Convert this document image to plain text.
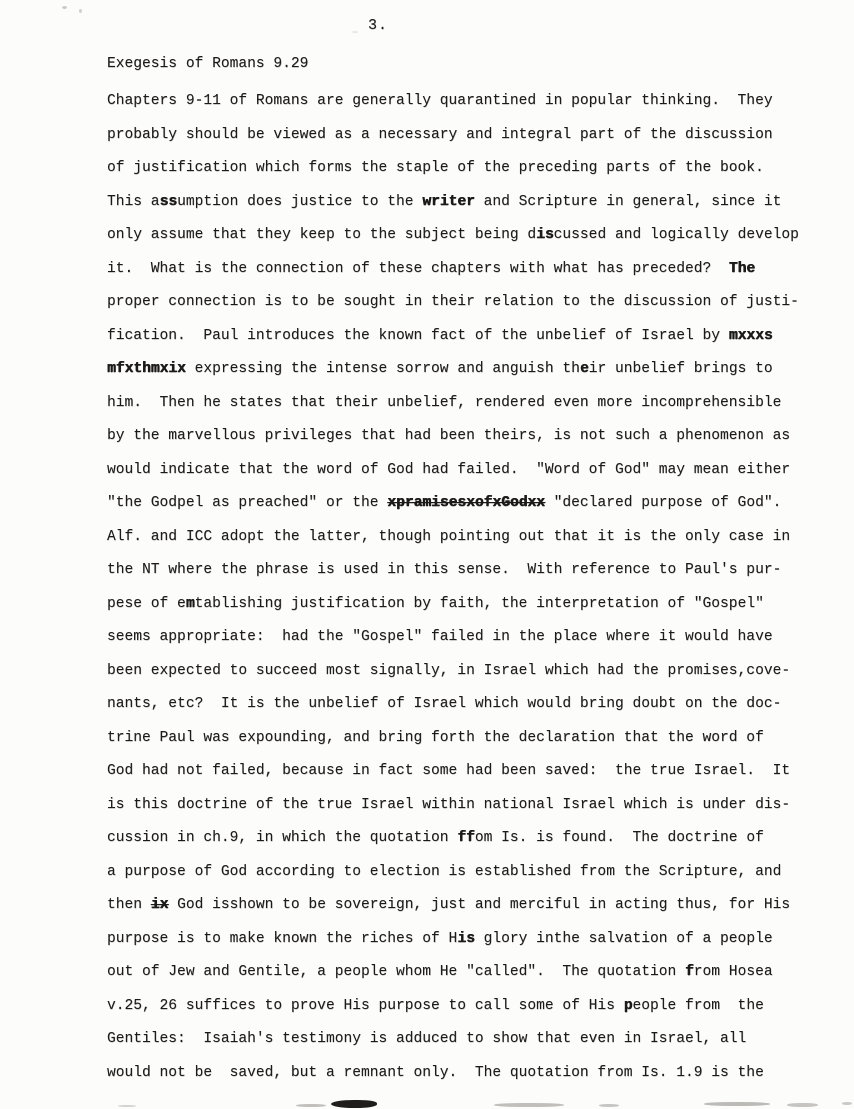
3.
Exegesis of Romans 9.29
Chapters 9-11 of Romans are generally quarantined in popular thinking.  They
probably should be viewed as a necessary and integral part of the discussion
of justification which forms the staple of the preceding parts of the book.
This assumption does justice to the writer and Scripture in general, since it
only assume that they keep to the subject being discussed and logically develop
it.  What is the connection of these chapters with what has preceded?  The
proper connection is to be sought in their relation to the discussion of justi-
fication.  Paul introduces the known fact of the unbelief of Israel by mxxxs
mfxthmxix expressing the intense sorrow and anguish their unbelief brings to
him.  Then he states that their unbelief, rendered even more incomprehensible
by the marvellous privileges that had been theirs, is not such a phenomenon as
would indicate that the word of God had failed.  "Word of God" may mean either
"the Godpel as preached" or the xpramisesxofxGodxx "declared purpose of God".
Alf. and ICC adopt the latter, though pointing out that it is the only case in
the NT where the phrase is used in this sense.  With reference to Paul's pur-
pese of emtablishing justification by faith, the interpretation of "Gospel"
seems appropriate:  had the "Gospel" failed in the place where it would have
been expected to succeed most signally, in Israel which had the promises,cove-
nants, etc?  It is the unbelief of Israel which would bring doubt on the doc-
trine Paul was expounding, and bring forth the declaration that the word of
God had not failed, because in fact some had been saved:  the true Israel.  It
is this doctrine of the true Israel within national Israel which is under dis-
cussion in ch.9, in which the quotation ffom Is. is found.  The doctrine of
a purpose of God according to election is established from the Scripture, and
then ix God isshown to be sovereign, just and merciful in acting thus, for His
purpose is to make known the riches of His glory inthe salvation of a people
out of Jew and Gentile, a people whom He "called".  The quotation from Hosea
v.25, 26 suffices to prove His purpose to call some of His people from  the
Gentiles:  Isaiah's testimony is adduced to show that even in Israel, all
would not be  saved, but a remnant only.  The quotation from Is. 1.9 is the
